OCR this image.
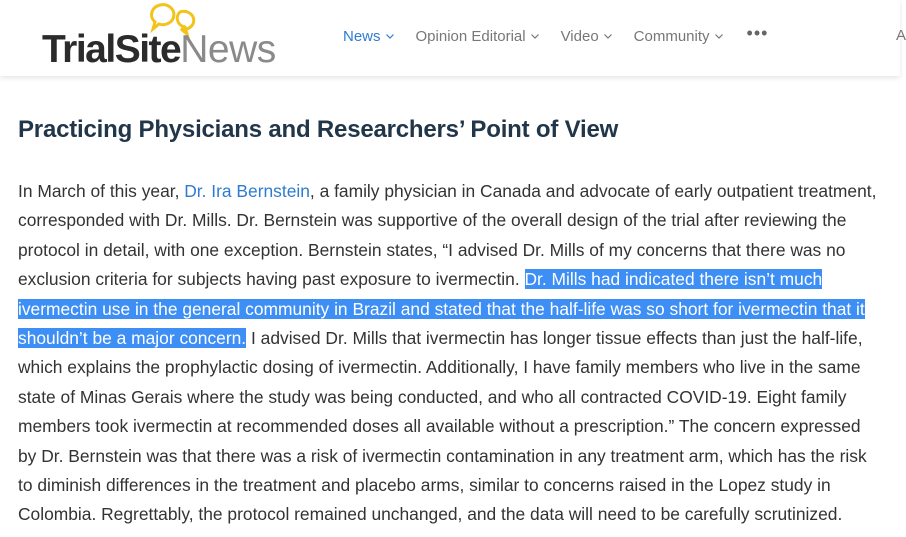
TrialSiteNews	News Opinion Editorial Video Community •••	A
Practicing Physicians and Researchers’ Point of View

In March of this year, Dr. Ira Bernstein, a family physician in Canada and advocate of early outpatient treatment,
corresponded with Dr. Mills. Dr. Bernstein was supportive of the overall design of the trial after reviewing the
protocol in detail, with one exception. Bernstein states, “I advised Dr. Mills of my concerns that there was no
exclusion criteria for subjects having past exposure to ivermectin. Dr. Mills had indicated there isn’t much
ivermectin use in the general community in Brazil and stated that the half-life was so short for ivermectin that it
shouldn’t be a major concern. I advised Dr. Mills that ivermectin has longer tissue effects than just the half-life,
which explains the prophylactic dosing of ivermectin. Additionally, I have family members who live in the same
state of Minas Gerais where the study was being conducted, and who all contracted COVID-19. Eight family
members took ivermectin at recommended doses all available without a prescription.” The concern expressed
by Dr. Bernstein was that there was a risk of ivermectin contamination in any treatment arm, which has the risk
to diminish differences in the treatment and placebo arms, similar to concerns raised in the Lopez study in
Colombia. Regrettably, the protocol remained unchanged, and the data will need to be carefully scrutinized.
